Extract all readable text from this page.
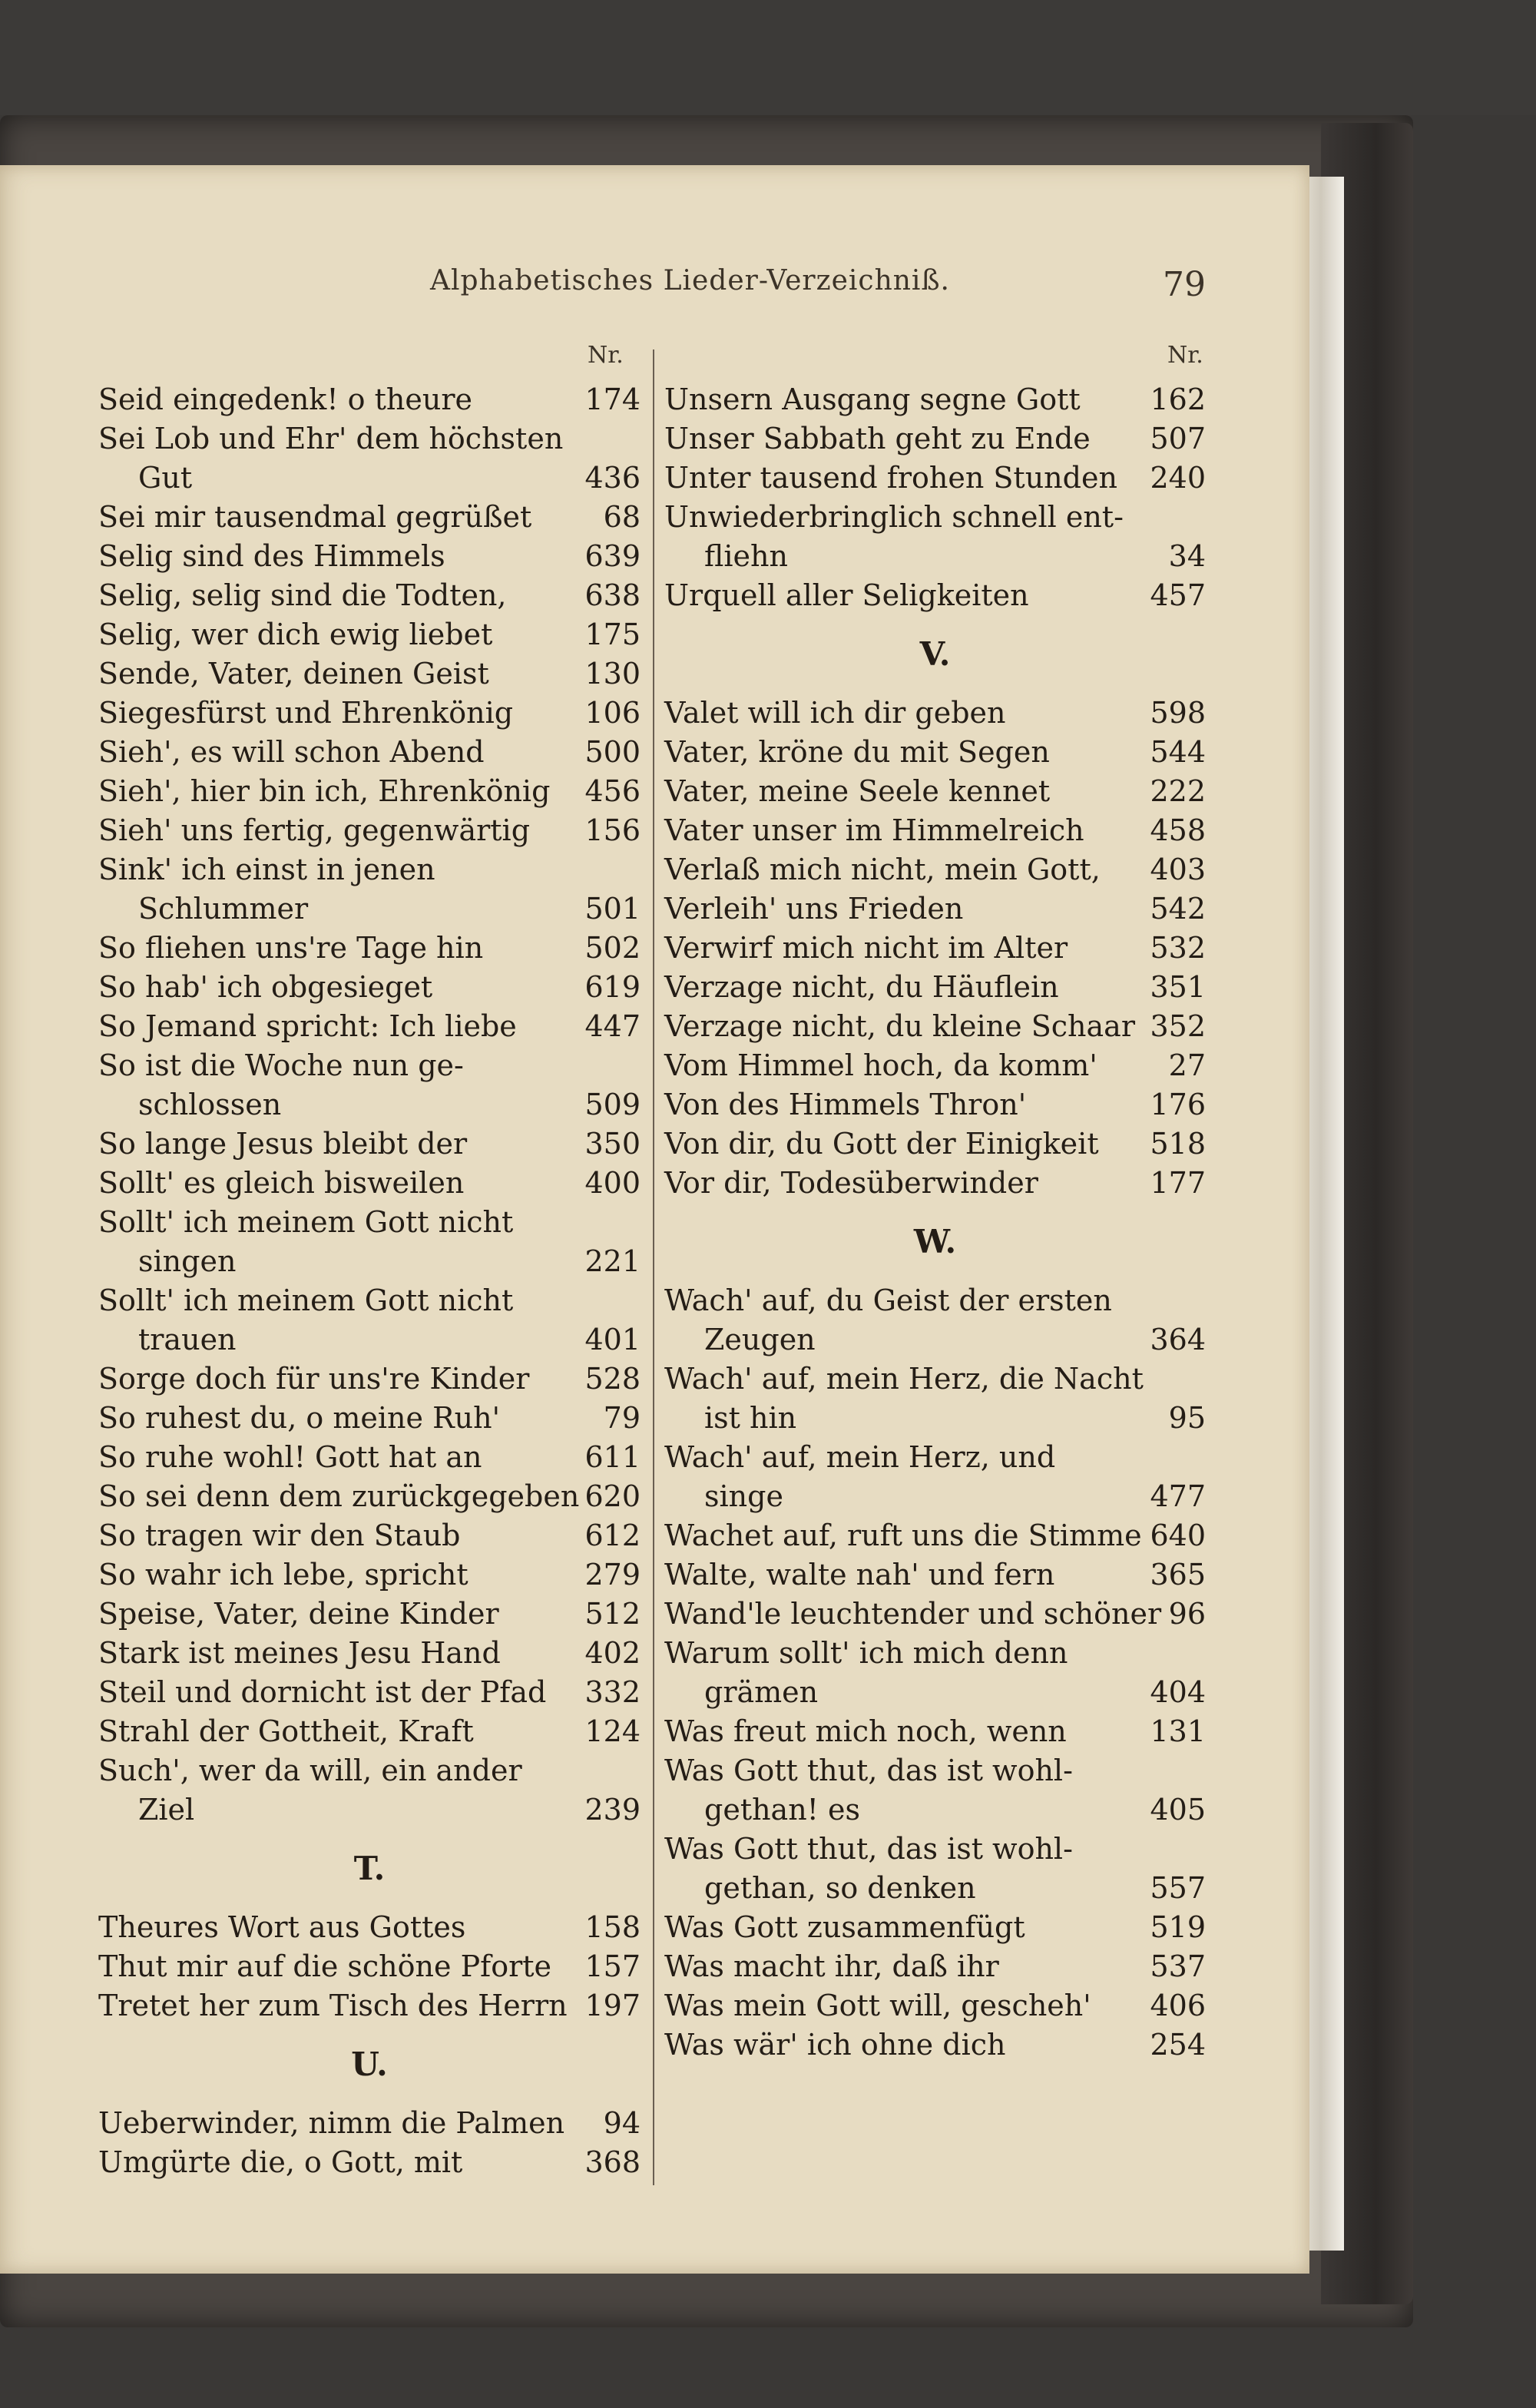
Alphabetisches Lieder-Verzeichniß.	79
Nr.	Nr.
Seid eingedenk! o theure	174
Sei Lob und Ehr' dem höchsten
Gut	436
Sei mir tausendmal gegrüßet 68
Selig sind des Himmels	639
Selig, selig sind die Todten,	638
Selig, wer dich ewig liebet	175
Sende, Vater, deinen Geist	130
Siegesfürst und Ehrenkönig 106
Sieh', es will schon Abend	500
Sieh', hier bin ich, Ehrenkönig 456
Sieh' uns fertig, gegenwärtig 156
Sink' ich einst in jenen
Schlummer	501
So fliehen uns're Tage hin	502
So hab' ich obgesieget	619
So Jemand spricht: Ich liebe 447
So ist die Woche nun ge-
schlossen	509
So lange Jesus bleibt der	350
Sollt' es gleich bisweilen	400
Sollt' ich meinem Gott nicht
singen	221
Sollt' ich meinem Gott nicht
trauen	401
Sorge doch für uns're Kinder 528
So ruhest du, o meine Ruh'	79
So ruhe wohl! Gott hat an	611
So sei denn dem zurückgegeben 620
So tragen wir den Staub	612
So wahr ich lebe, spricht	279
Speise, Vater, deine Kinder	512
Stark ist meines Jesu Hand	402
Steil und dornicht ist der Pfad 332
Strahl der Gottheit, Kraft	124
Such', wer da will, ein ander
Ziel	239
T.
Theures Wort aus Gottes	158
Thut mir auf die schöne Pforte 157
Tretet her zum Tisch des Herrn 197
U.
Ueberwinder, nimm die Palmen 94
Umgürte die, o Gott, mit	368
Unsern Ausgang segne Gott 162
Unser Sabbath geht zu Ende 507
Unter tausend frohen Stunden 240
Unwiederbringlich schnell ent-
fliehn	34
Urquell aller Seligkeiten	457
V.
Valet will ich dir geben	598
Vater, kröne du mit Segen	544
Vater, meine Seele kennet	222
Vater unser im Himmelreich 458
Verlaß mich nicht, mein Gott, 403
Verleih' uns Frieden	542
Verwirf mich nicht im Alter	532
Verzage nicht, du Häuflein	351
Verzage nicht, du kleine Schaar 352
Vom Himmel hoch, da komm' 27
Von des Himmels Thron'	176
Von dir, du Gott der Einigkeit 518
Vor dir, Todesüberwinder	177
W.
Wach' auf, du Geist der ersten
Zeugen	364
Wach' auf, mein Herz, die Nacht
ist hin	95
Wach' auf, mein Herz, und
singe	477
Wachet auf, ruft uns die Stimme 640
Walte, walte nah' und fern	365
Wand'le leuchtender und schöner 96
Warum sollt' ich mich denn
grämen	404
Was freut mich noch, wenn	131
Was Gott thut, das ist wohl-
gethan! es	405
Was Gott thut, das ist wohl-
gethan, so denken	557
Was Gott zusammenfügt	519
Was macht ihr, daß ihr	537
Was mein Gott will, gescheh' 406
Was wär' ich ohne dich	254
